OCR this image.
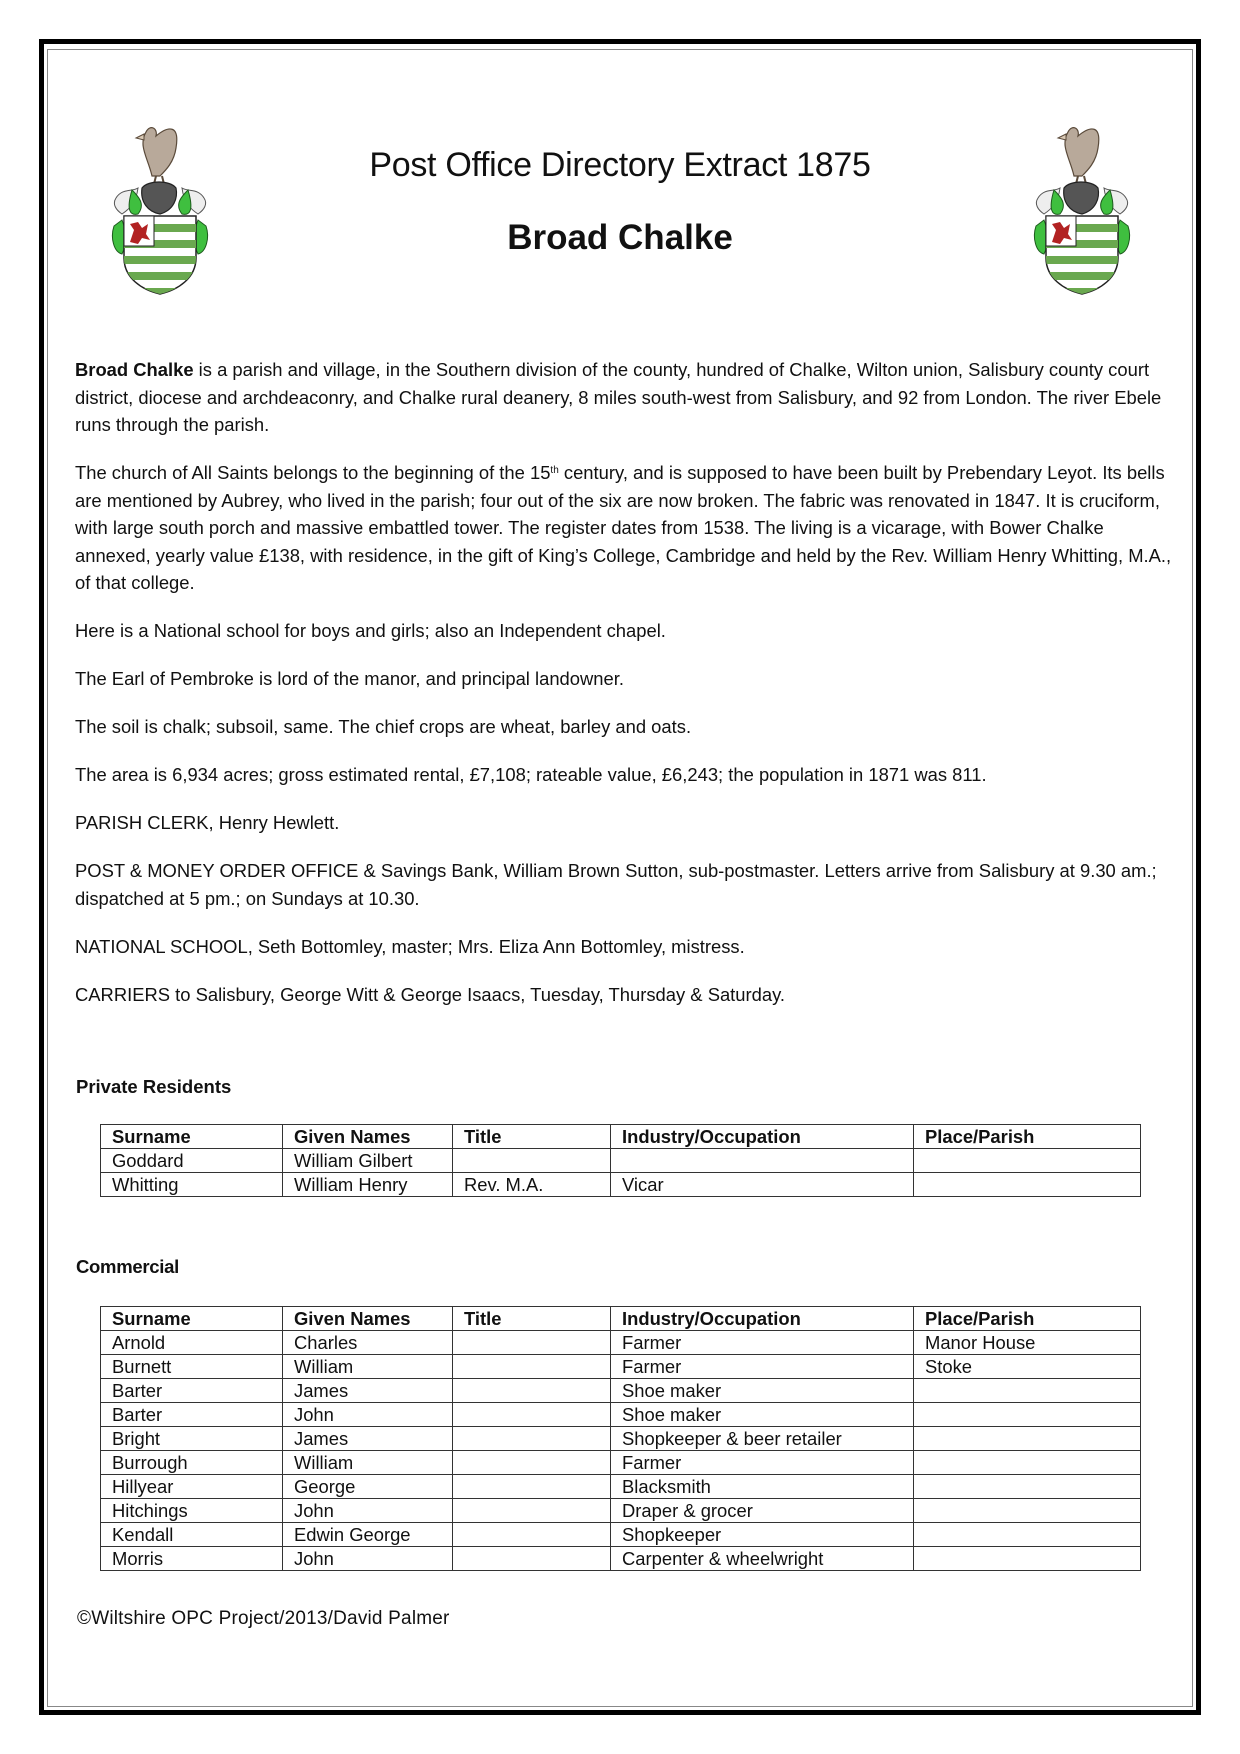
Post Office Directory Extract 1875
Broad Chalke

Broad Chalke is a parish and village, in the Southern division of the county, hundred of Chalke, Wilton union, Salisbury county court district, diocese and archdeaconry, and Chalke rural deanery, 8 miles south-west from Salisbury, and 92 from London. The river Ebele runs through the parish.

The church of All Saints belongs to the beginning of the 15th century, and is supposed to have been built by Prebendary Leyot. Its bells are mentioned by Aubrey, who lived in the parish; four out of the six are now broken. The fabric was renovated in 1847. It is cruciform, with large south porch and massive embattled tower. The register dates from 1538. The living is a vicarage, with Bower Chalke annexed, yearly value £138, with residence, in the gift of King’s College, Cambridge and held by the Rev. William Henry Whitting, M.A., of that college.

Here is a National school for boys and girls; also an Independent chapel.

The Earl of Pembroke is lord of the manor, and principal landowner.

The soil is chalk; subsoil, same. The chief crops are wheat, barley and oats.

The area is 6,934 acres; gross estimated rental, £7,108; rateable value, £6,243; the population in 1871 was 811.

PARISH CLERK, Henry Hewlett.

POST & MONEY ORDER OFFICE & Savings Bank, William Brown Sutton, sub-postmaster. Letters arrive from Salisbury at 9.30 am.; dispatched at 5 pm.; on Sundays at 10.30.

NATIONAL SCHOOL, Seth Bottomley, master; Mrs. Eliza Ann Bottomley, mistress.

CARRIERS to Salisbury, George Witt & George Isaacs, Tuesday, Thursday & Saturday.

Private Residents
Surname	Given Names	Title	Industry/Occupation	Place/Parish
Goddard	William Gilbert			
Whitting	William Henry	Rev. M.A.	Vicar	
Commercial
Surname	Given Names	Title	Industry/Occupation	Place/Parish
Arnold	Charles		Farmer	Manor House
Burnett	William		Farmer	Stoke
Barter	James		Shoe maker	
Barter	John		Shoe maker	
Bright	James		Shopkeeper & beer retailer	
Burrough	William		Farmer	
Hillyear	George		Blacksmith	
Hitchings	John		Draper & grocer	
Kendall	Edwin George		Shopkeeper	
Morris	John		Carpenter & wheelwright	
©Wiltshire OPC Project/2013/David Palmer
